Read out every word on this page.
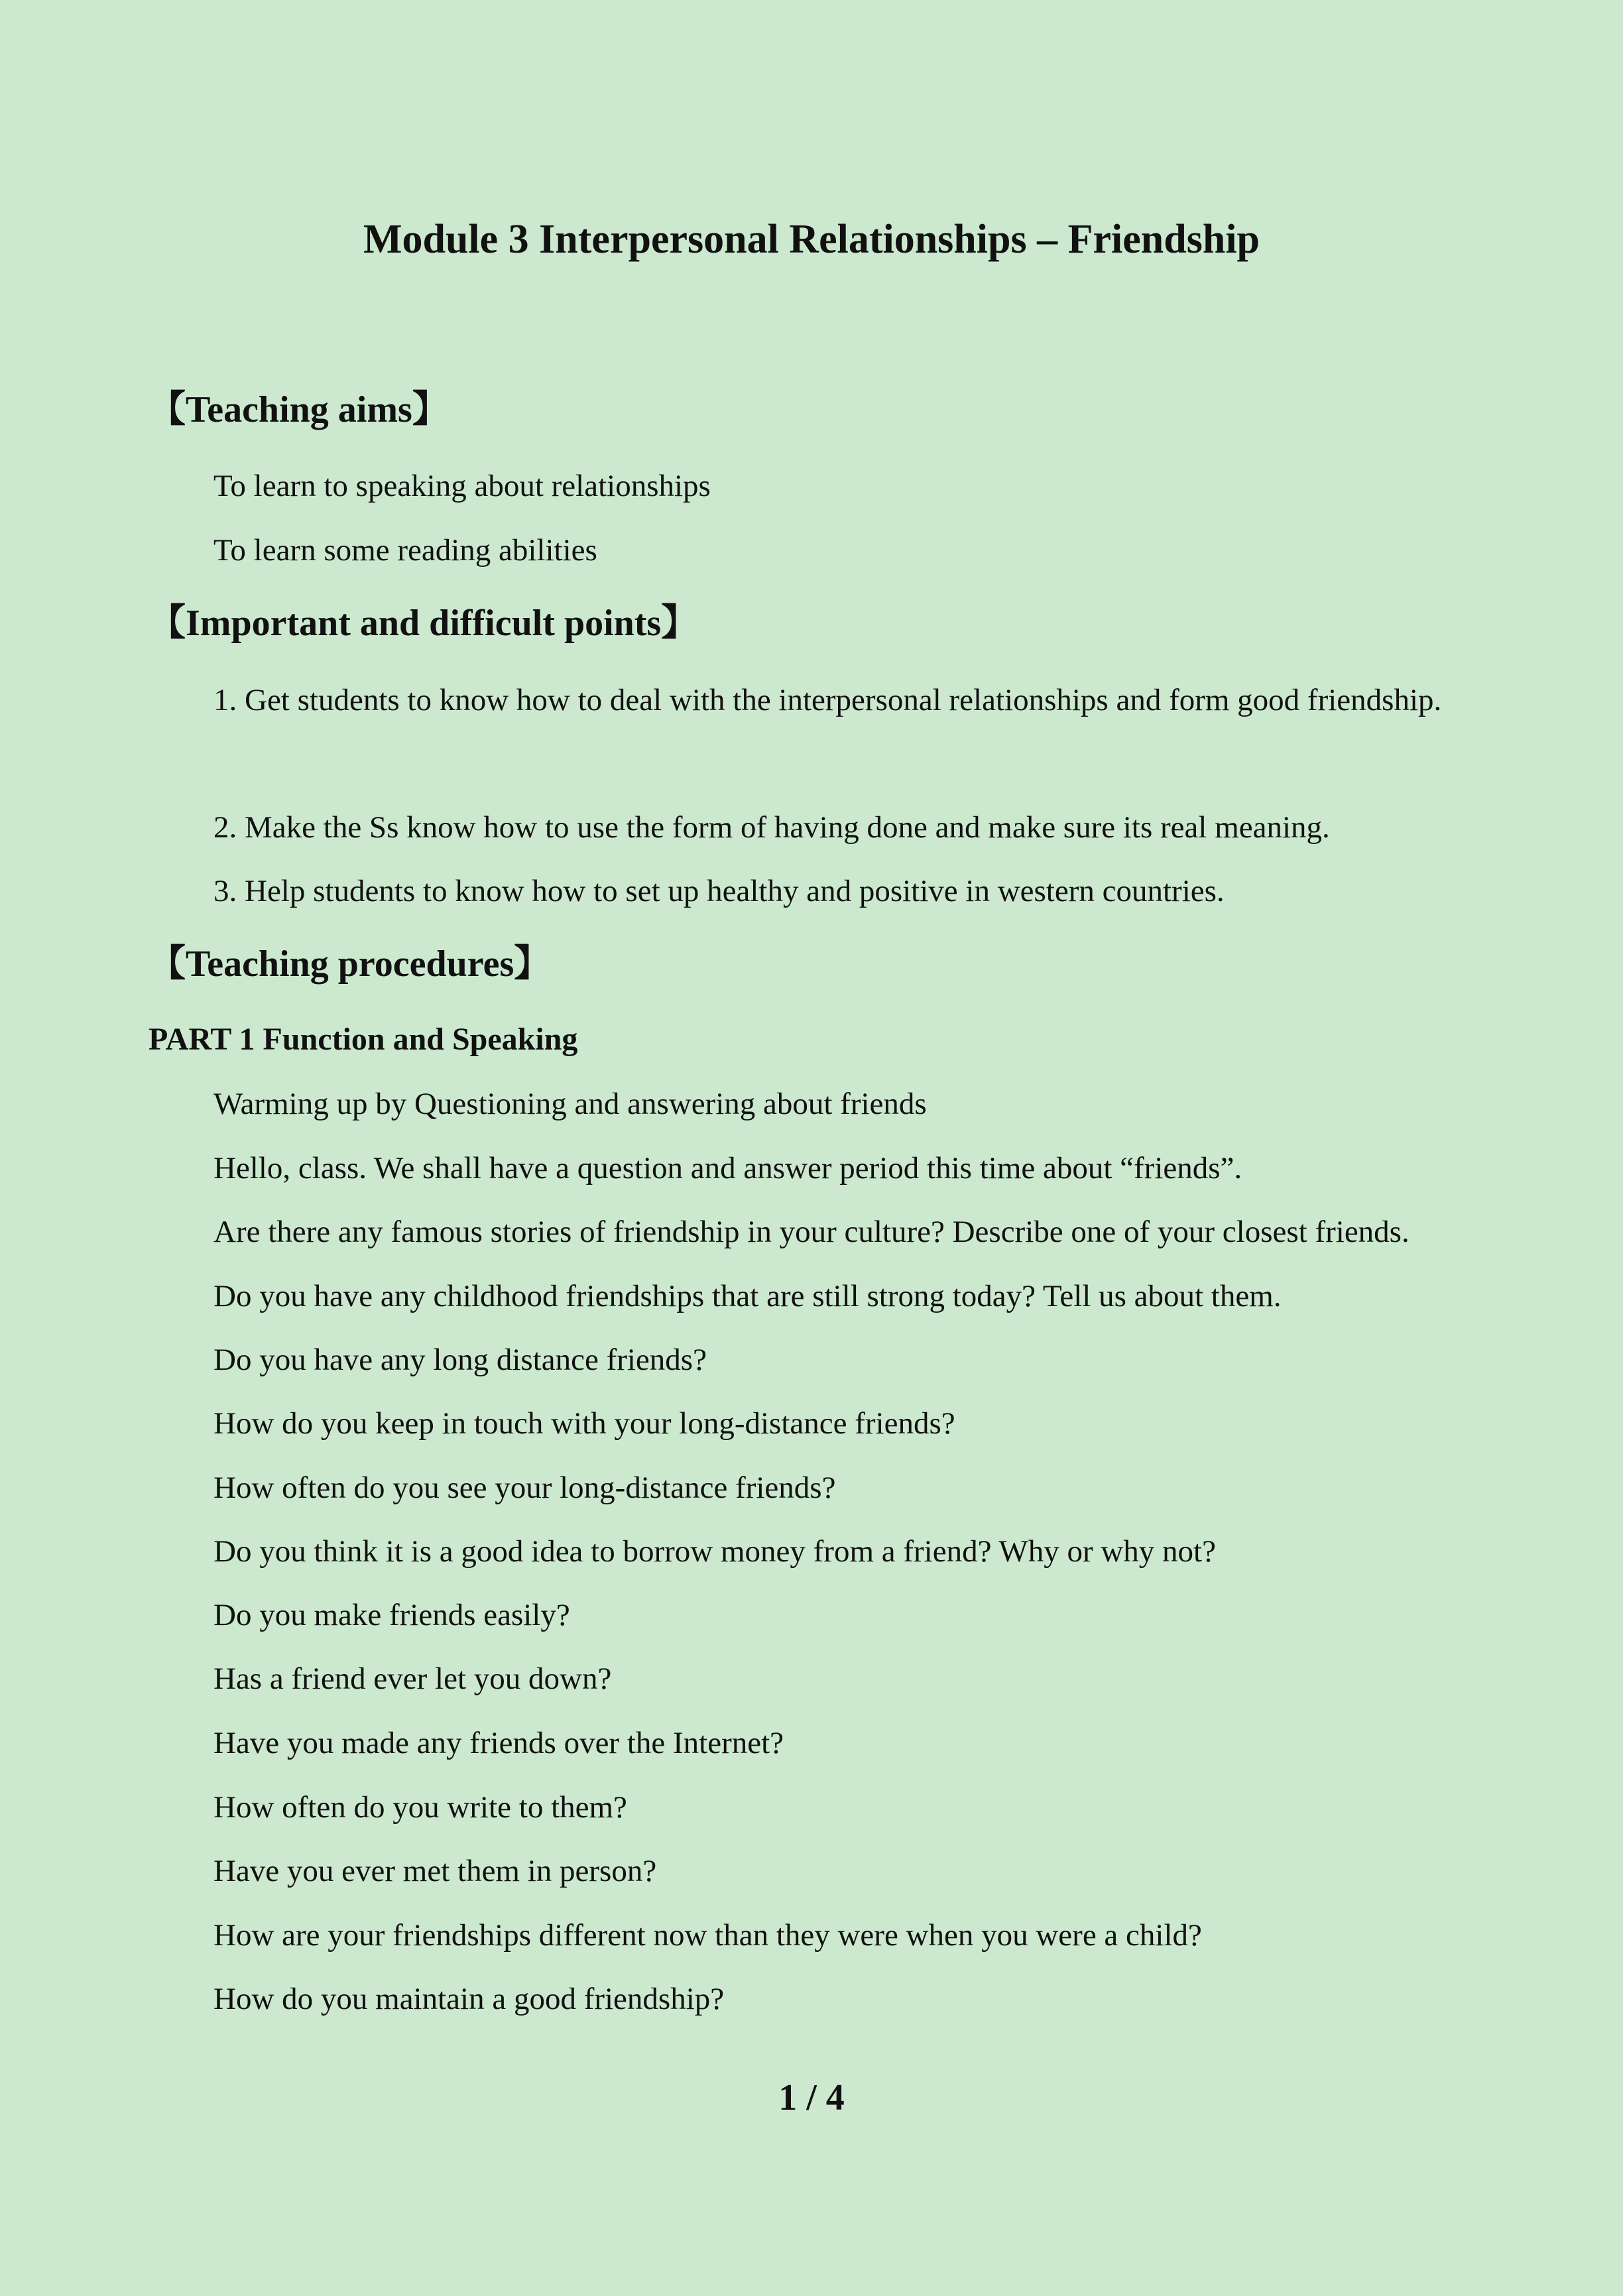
Module 3 Interpersonal Relationships – Friendship
【Teaching aims】
To learn to speaking about relationships
To learn some reading abilities
【Important and difficult points】
1. Get students to know how to deal with the interpersonal relationships and form good friendship.
2. Make the Ss know how to use the form of having done and make sure its real meaning.
3. Help students to know how to set up healthy and positive in western countries.
【Teaching procedures】
PART 1 Function and Speaking
Warming up by Questioning and answering about friends
Hello, class. We shall have a question and answer period this time about “friends”.
Are there any famous stories of friendship in your culture? Describe one of your closest friends.
Do you have any childhood friendships that are still strong today? Tell us about them.
Do you have any long distance friends?
How do you keep in touch with your long-distance friends?
How often do you see your long-distance friends?
Do you think it is a good idea to borrow money from a friend? Why or why not?
Do you make friends easily?
Has a friend ever let you down?
Have you made any friends over the Internet?
How often do you write to them?
Have you ever met them in person?
How are your friendships different now than they were when you were a child?
How do you maintain a good friendship?
1 / 4
